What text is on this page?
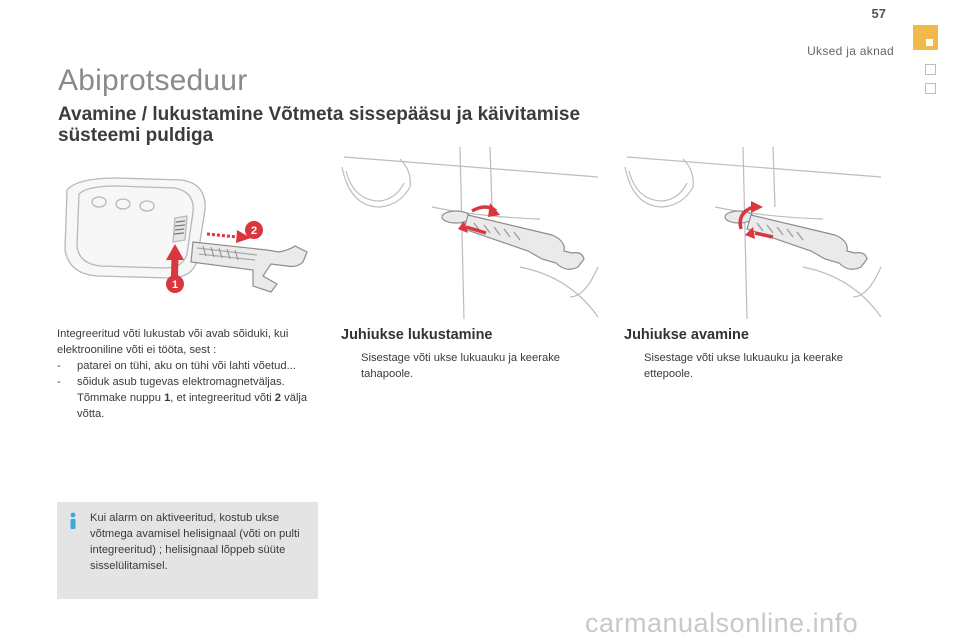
57
Uksed ja aknad
Abiprotseduur
Avamine / lukustamine Võtmeta sissepääsu ja käivitamise süsteemi puldiga
1
2
Integreeritud võti lukustab või avab sõiduki, kui elektrooniline võti ei tööta, sest :
-	patarei on tühi, aku on tühi või lahti võetud...
-	sõiduk asub tugevas elektromagnetväljas.
Tõmmake nuppu 1, et integreeritud võti 2 välja võtta.
Kui alarm on aktiveeritud, kostub ukse võtmega avamisel helisignaal (võti on pulti integreeritud) ; helisignaal lõppeb süüte sisselülitamisel.
Juhiukse lukustamine
Sisestage võti ukse lukuauku ja keerake tahapoole.
Juhiukse avamine
Sisestage võti ukse lukuauku ja keerake ettepoole.
carmanualsonline.info
